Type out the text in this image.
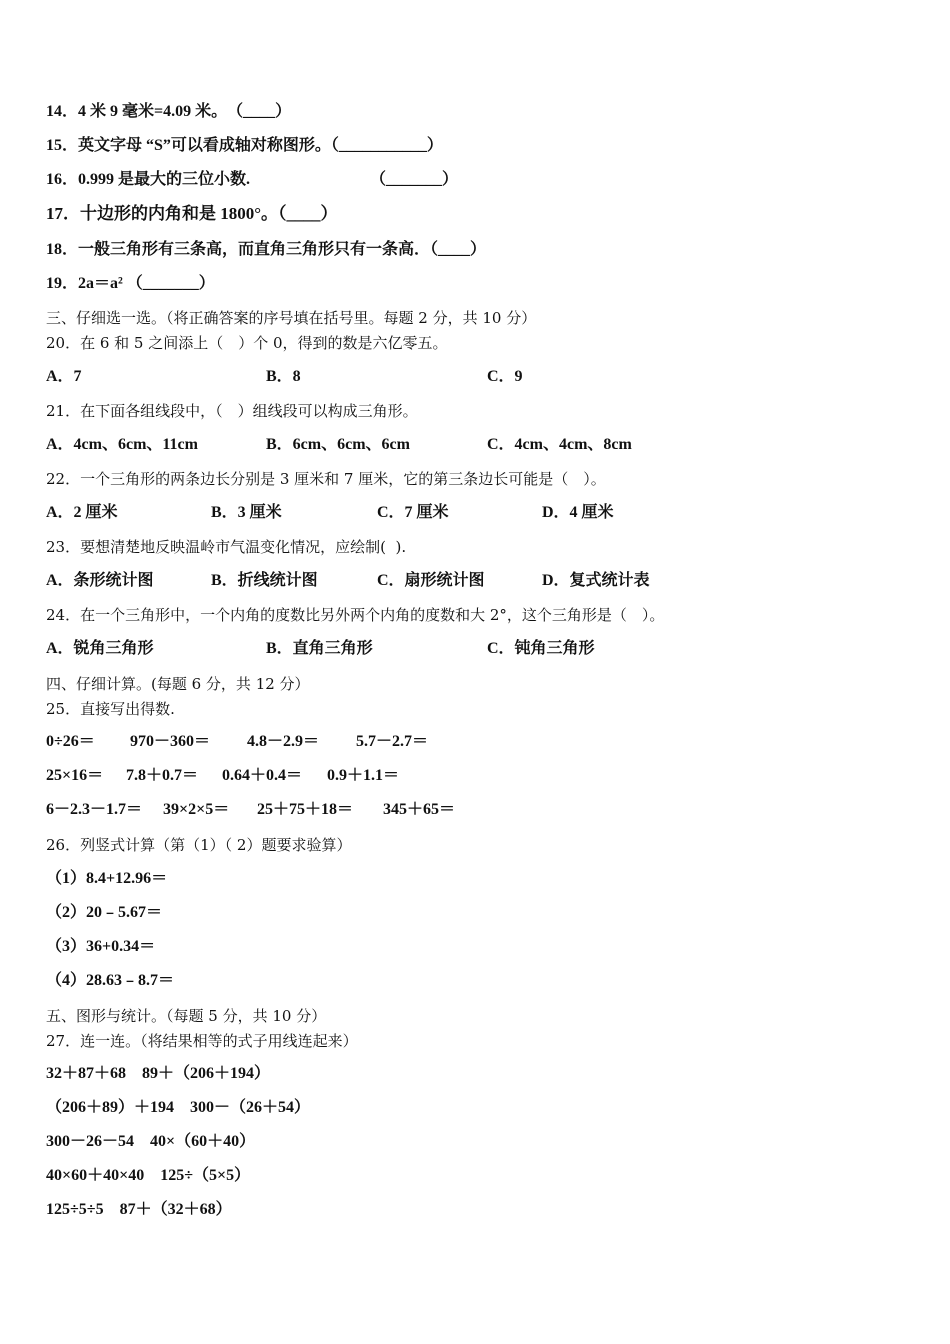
14．4 米 9 毫米=4.09 米。　（____）
15．英文字母 “S”可以看成轴对称图形。（___________）
16．0.999 是最大的三位小数.　　　　　　　　（_______）
17．十边形的内角和是 1800°。（____）
18．一般三角形有三条高，而直角三角形只有一条高．（____）
19．2a＝a² （_______）
三、仔细选一选。（将正确答案的序号填在括号里。每题 2 分，共 10 分）
20．在 6 和 5 之间添上（　）个 0，得到的数是六亿零五。
A．7	B．8	C．9
21．在下面各组线段中，（　）组线段可以构成三角形。
A．4cm、6cm、11cm	B．6cm、6cm、6cm	C．4cm、4cm、8cm
22．一个三角形的两条边长分别是 3 厘米和 7 厘米，它的第三条边长可能是（　）。
A．2 厘米	B．3 厘米	C．7 厘米	D．4 厘米
23．要想清楚地反映温岭市气温变化情况，应绘制(  ).
A．条形统计图	B．折线统计图	C．扇形统计图	D．复式统计表
24．在一个三角形中，一个内角的度数比另外两个内角的度数和大 2°，这个三角形是（　）。
A．锐角三角形	B．直角三角形	C．钝角三角形
四、仔细计算。(每题 6 分，共 12 分）
25．直接写出得数.
0÷26＝ 970－360＝ 4.8－2.9＝ 5.7－2.7＝
25×16＝ 7.8＋0.7＝ 0.64＋0.4＝ 0.9＋1.1＝
6－2.3－1.7＝ 39×2×5＝ 25＋75＋18＝ 345＋65＝
26．列竖式计算（第（1）（ 2）题要求验算）
（1）8.4+12.96＝
（2）20﹣5.67＝
（3）36+0.34＝
（4）28.63﹣8.7＝
五、图形与统计。（每题 5 分，共 10 分）
27．连一连。（将结果相等的式子用线连起来）
32＋87＋68　89＋（206＋194）
（206＋89）＋194　300－（26＋54）
300－26－54　40×（60＋40）
40×60＋40×40　125÷（5×5）
125÷5÷5　87＋（32＋68）
